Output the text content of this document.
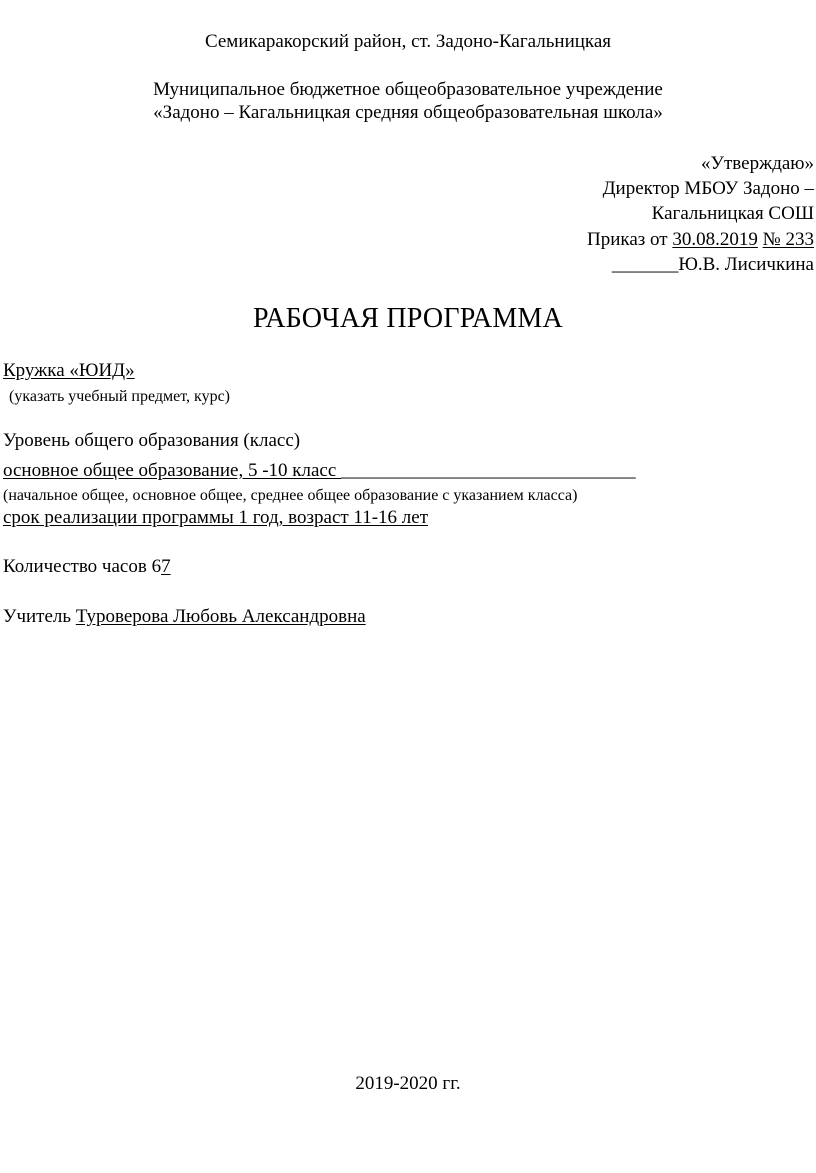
Семикаракорский район, ст. Задоно-Кагальницкая
Муниципальное бюджетное общеобразовательное учреждение
«Задоно – Кагальницкая средняя общеобразовательная школа»
«Утверждаю»
Директор МБОУ Задоно –
Кагальницкая СОШ
Приказ от 30.08.2019 № 233
_______Ю.В. Лисичкина
РАБОЧАЯ ПРОГРАММА
Кружка «ЮИД»
(указать учебный предмет, курс)
Уровень общего образования (класс)
основное общее образование, 5 -10 класс _______________________________
(начальное общее, основное общее, среднее общее образование с указанием класса)
срок реализации программы 1 год, возраст 11-16 лет
Количество часов 67
Учитель Туроверова Любовь Александровна
2019-2020 гг.
